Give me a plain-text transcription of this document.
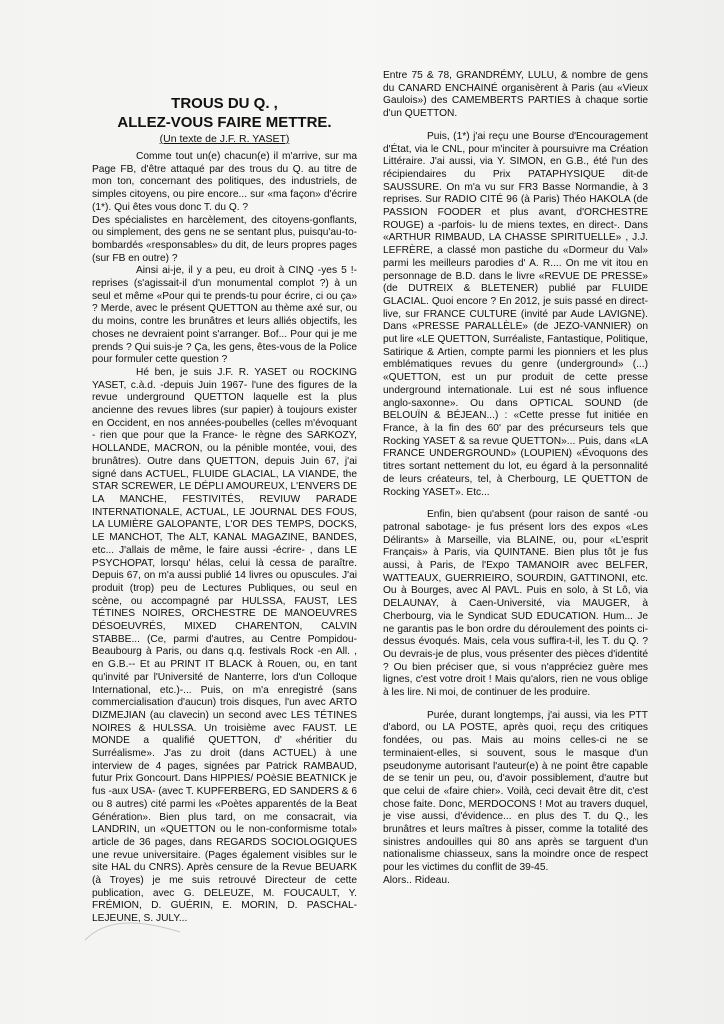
TROUS DU Q. ,
ALLEZ-VOUS FAIRE METTRE.
(Un texte de J.F. R. YASET)

Comme tout un(e) chacun(e) il m'arrive, sur ma Page FB, d'être attaqué par des trous du Q. au titre de mon ton, concernant des politiques, des industriels, de simples citoyens, ou pire encore... sur «ma façon» d'écrire (1*). Qui êtes vous donc T. du Q. ?

Des spécialistes en harcèlement, des citoyens-gonflants, ou simplement, des gens ne se sentant plus, puisqu'au-to-bombardés «responsables» du dit, de leurs propres pages (sur FB en outre) ?

Ainsi ai-je, il y a peu, eu droit à CINQ -yes 5 !- reprises (s'agissait-il d'un monumental complot ?) à un seul et même «Pour qui te prends-tu pour écrire, ci ou ça» ? Merde, avec le présent QUETTON au thème axé sur, ou du moins, contre les brunâtres et leurs alliés objectifs, les choses ne devraient point s'arranger. Bof... Pour qui je me prends ? Qui suis-je ? Ça, les gens, êtes-vous de la Police pour formuler cette question ?

Hé ben, je suis J.F. R. YASET ou ROCKING YASET, c.à.d. -depuis Juin 1967- l'une des figures de la revue underground QUETTON laquelle est la plus ancienne des revues libres (sur papier) à toujours exister en Occident, en nos années-poubelles (celles m'évoquant - rien que pour que la France- le règne des SARKOZY, HOLLANDE, MACRON, ou la pénible montée, voui, des brunâtres). Outre dans QUETTON, depuis Juin 67, j'ai signé dans ACTUEL, FLUIDE GLACIAL, LA VIANDE, the STAR SCREWER, LE DÉPLI AMOUREUX, L'ENVERS DE LA MANCHE, FESTIVITÉS, REVIUW PARADE INTERNATIONALE, ACTUAL, LE JOURNAL DES FOUS, LA LUMIÈRE GALOPANTE, L'OR DES TEMPS, DOCKS, LE MANCHOT, The ALT, KANAL MAGAZINE, BANDES, etc... J'allais de même, le faire aussi -écrire- , dans LE PSYCHOPAT, lorsqu' hélas, celui là cessa de paraître. Depuis 67, on m'a aussi publié 14 livres ou opuscules. J'ai produit (trop) peu de Lectures Publiques, ou seul en scène, ou accompagné par HULSSA, FAUST, LES TÉTINES NOIRES, ORCHESTRE DE MANOEUVRES DÉSOEUVRÉS, MIXED CHARENTON, CALVIN STABBE... (Ce, parmi d'autres, au Centre Pompidou-Beaubourg à Paris, ou dans q.q. festivals Rock -en All. , en G.B.-- Et au PRINT IT BLACK à Rouen, ou, en tant qu'invité par l'Université de Nanterre, lors d'un Colloque International, etc.)-... Puis, on m'a enregistré (sans commercialisation d'aucun) trois disques, l'un avec ARTO DIZMEJIAN (au clavecin) un second avec LES TÉTINES NOIRES & HULSSA. Un troisième avec FAUST. LE MONDE a qualifié QUETTON, d' «héritier du Surréalisme». J'as zu droit (dans ACTUEL) à une interview de 4 pages, signées par Patrick RAMBAUD, futur Prix Goncourt. Dans HIPPIES/ POèSIE BEATNICK je fus -aux USA- (avec T. KUPFERBERG, ED SANDERS & 6 ou 8 autres) cité parmi les «Poètes apparentés de la Beat Génération». Bien plus tard, on me consacrait, via LANDRIN, un «QUETTON ou le non-conformisme total» article de 36 pages, dans REGARDS SOCIOLOGIQUES une revue universitaire. (Pages également visibles sur le site HAL du CNRS). Après censure de la Revue BEUARK (à Troyes) je me suis retrouvé Directeur de cette publication, avec G. DELEUZE, M. FOUCAULT, Y. FRÉMION, D. GUÉRIN, E. MORIN, D. PASCHAL-LEJEUNE, S. JULY...

Entre 75 & 78, GRANDRÉMY, LULU, & nombre de gens du CANARD ENCHAINÉ organisèrent à Paris (au «Vieux Gaulois») des CAMEMBERTS PARTIES à chaque sortie d'un QUETTON.

Puis, (1*) j'ai reçu une Bourse d'Encouragement d'État, via le CNL, pour m'inciter à poursuivre ma Création Littéraire. J'ai aussi, via Y. SIMON, en G.B., été l'un des récipiendaires du Prix PATAPHYSIQUE dit-de SAUSSURE. On m'a vu sur FR3 Basse Normandie, à 3 reprises. Sur RADIO CITÉ 96 (à Paris) Théo HAKOLA (de PASSION FOODER et plus avant, d'ORCHESTRE ROUGE) a -parfois- lu de miens textes, en direct-. Dans «ARTHUR RIMBAUD, LA CHASSE SPIRITUELLE» , J.J. LEFRÈRE, a classé mon pastiche du «Dormeur du Val» parmi les meilleurs parodies d' A. R.... On me vit itou en personnage de B.D. dans le livre «REVUE DE PRESSE» (de DUTREIX & BLETENER) publié par FLUIDE GLACIAL. Quoi encore ? En 2012, je suis passé en direct-live, sur FRANCE CULTURE (invité par Aude LAVIGNE). Dans «PRESSE PARALLÈLE» (de JEZO-VANNIER) on put lire «LE QUETTON, Surréaliste, Fantastique, Politique, Satirique & Artien, compte parmi les pionniers et les plus emblématiques revues du genre (underground» (...) «QUETTON, est un pur produit de cette presse underground internationale. Lui est né sous influence anglo-saxonne». Ou dans OPTICAL SOUND (de BELOUÏN & BÉJEAN...) : «Cette presse fut initiée en France, à la fin des 60' par des précurseurs tels que Rocking YASET & sa revue QUETTON»... Puis, dans «LA FRANCE UNDERGROUND» (LOUPIEN) «Évoquons des titres sortant nettement du lot, eu égard à la personnalité de leurs créateurs, tel, à Cherbourg, LE QUETTON de Rocking YASET». Etc...

Enfin, bien qu'absent (pour raison de santé -ou patronal sabotage- je fus présent lors des expos «Les Délirants» à Marseille, via BLAINE, ou, pour «L'esprit Français» à Paris, via QUINTANE. Bien plus tôt je fus aussi, à Paris, de l'Expo TAMANOIR avec BELFER, WATTEAUX, GUERRIEIRO, SOURDIN, GATTINONI, etc. Ou à Bourges, avec Al PAVL. Puis en solo, à St Lô, via DELAUNAY, à Caen-Université, via MAUGER, à Cherbourg, via le Syndicat SUD EDUCATION. Hum... Je ne garantis pas le bon ordre du déroulement des points ci-dessus évoqués. Mais, cela vous suffira-t-il, les T. du Q. ? Ou devrais-je de plus, vous présenter des pièces d'identité ? Ou bien préciser que, si vous n'appréciez guère mes lignes, c'est votre droit ! Mais qu'alors, rien ne vous oblige à les lire. Ni moi, de continuer de les produire.

Purée, durant longtemps, j'ai aussi, via les PTT d'abord, ou LA POSTE, après quoi, reçu des critiques fondées, ou pas. Mais au moins celles-ci ne se terminaient-elles, si souvent, sous le masque d'un pseudonyme autorisant l'auteur(e) à ne point être capable de se tenir un peu, ou, d'avoir possiblement, d'autre but que celui de «faire chier». Voilà, ceci devait être dit, c'est chose faite. Donc, MERDOCONS ! Mot au travers duquel, je vise aussi, d'évidence... en plus des T. du Q., les brunâtres et leurs maîtres à pisser, comme la totalité des sinistres andouilles qui 80 ans après se targuent d'un nationalisme chiasseux, sans la moindre once de respect pour les victimes du conflit de 39-45.

Alors.. Rideau.
